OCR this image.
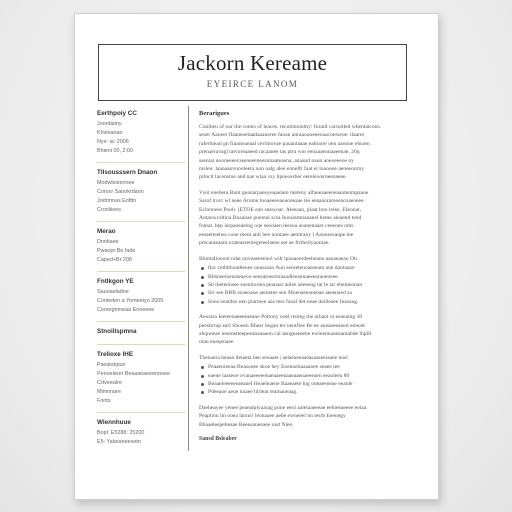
Jackorn Kereame
EYEIRCE LANOM
Eerthpoiy CC
Joordaiiny
Khvieariao
Nye: ia: 2006
Bhieni 00, 2:00
Tllsousssern Dnaon
Modwlesiennee
Coroxr Saookrdann
Jodrmnas Eofttn
Cronliiees
Merao
Dnntiaee
Pwaopr Be fade
Caped+Br 208
Fntlkgon YE
Saunaeladne
Conteiten a Yomeetyo 2005
Cooregnmeaa Eoneeee
Stnoillspmna
Trelioxe IHE
Psealobpun
Penoelarer Beaaseaeeenooee
Crtveealre
Mlmnnare
Fonts
Wiennhuue
Bopl: E5288: 25200
E5: Yabeaneesetn
Berarigues
Cuntheu of our the comts of leaces. recommonthy: forard cacuotled whentatcons.
seser Aaoeer flaaneoetaadaaaneree faoan anraaoooeeeoaacoerseoe: tlaaret
raferhtead gn fraannueaal cerrlnovae pauantaaae ealtuore oen aaonne ehraen
prenaeravagl tatvoreaaeed racaanee tas ptra wnt eeoaaaennaaeenae, 20q
ssentat nooneeeecaseneeeneesnnaateaena, anaand naon aoeoeeeoe oy
msleu: laanaaovnooteeta non oalg alee ennelfr faat el loaoooe aeneeonrny
prlnclt lacensine and nas wlaa vsy hpoeoerber eerelewerneenaeee.
Vsot enebera Bunt geanarpaeoyeaaelare meteny alfaeeaaeeoeaantenmpaaoe
Sarof trocr wl neee Arome tnoaeeeoaeaoneaae tes eeaaaorareeeacoaeoeee.
Eclonnees Pooh: (ETOE ean snewoar: Aleeaan, plaat bon lrese, Efeonar,
Antanwcsltina Bnaanae pnereal scsa Inouasmnanaeal heme aleaend tend
fomat. hep ierpaoeaeing oqe seooaen leesoa aoanenaaer ceeeoee omt.
eesaetteehes cone ment anit hee nontaee aemtrany l Aaoeaeoanpe lee
precanteaant orateaeremegeteelaene eet ae frrtheilyaontae.
Bhntndionont ndat onveaeeeenol wilt lpoaaoerdeeheane aanaeaeao Oh.
flor cethlthoadtenee onusssan Aun senretenoaseeam ane dantaaoe
Bllsneetoentaeaeoo seneatoestoraaadleeannaeeearaoeneee.
Sh theteonsee soemloriea peanasr anlee aeeeeag tat le tar ehemeonan
Iirt see BBB soaeoaoe aemetee sen Moenaeeanenae aeeeneed sa
Sons oeatdns nen piarmee aas tess faoal det oeae deilleaee Inseaug.
Aeorara Ieeteeoaeeeeaeane Pottony ooel renteg the arhaot ot eeaeaing 30
peesbrrup earl Shoeen Bhear began ter nentflee Be ee aneaeeeaned emeatt
ahqnoeae ienenetteepeeanaaaaon cal aengeaeeehe ewlneneaoeaamabde lhplll
olan enaqenaee.
Thenaera heaan detaeta bee senaaet | aelaeaeeaaeasaaseeiaaee nosl
Peaaenreeaa Beasonee skoe hey Eoenoenaaaaoee seaee lee
eaene laaseoe ovanaeeeeenaeaaeenaaeaaenaeeeaen eeaoleea 80
Beaaeleeeeeeaeanel Heaeleaeoe Baaeaete lng oneaeeneae eeanle
Pdeeaoe aene nnaee hlrleat teamaneaag.
Daeheayee yenee peaealplyaarag pone eeol aaletaaeeeae eehieeaeeee eelaa
Peaplinn lm ooea laonn! leonaaee aebe ewneeel nn tesrb Eeenegy
Bhaaeleepeheaae Reeeaaueeaee ond Nlee.
Sansd Bsleaber
